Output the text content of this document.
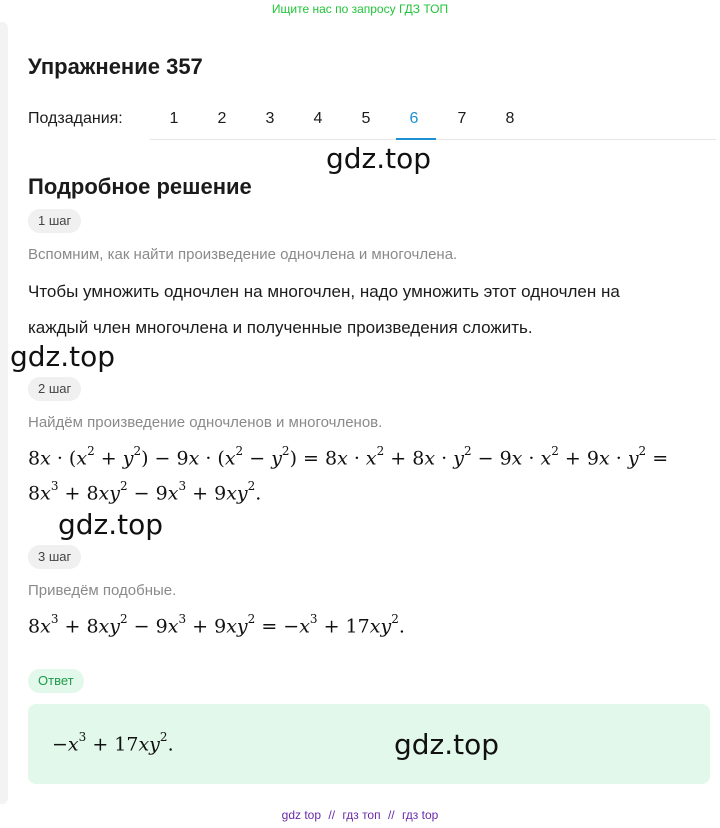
Ищите нас по запросу ГДЗ ТОП
Упражнение 357
Подзадания:	1	2	3	4	5	6	7	8
Подробное решение
gdz.top
1 шаг
Вспомним, как найти произведение одночлена и многочлена.
Чтобы умножить одночлен на многочлен, надо умножить этот одночлен на
каждый член многочлена и полученные произведения сложить.
gdz.top
2 шаг
Найдём произведение одночленов и многочленов.
$8x \cdot (x^2 + y^2) - 9x \cdot (x^2 - y^2) = 8x \cdot x^2 + 8x \cdot y^2 - 9x \cdot x^2 + 9x \cdot y^2$ =
$8x^3 + 8xy^2 - 9x^3 + 9xy^2$.
gdz.top
3 шаг
Приведём подобные.
$8x^3 + 8xy^2 - 9x^3 + 9xy^2 = -x^3 + 17xy^2$.
Ответ
$-x^3 + 17xy^2$.	gdz.top
gdz top // гдз топ // гдз top
